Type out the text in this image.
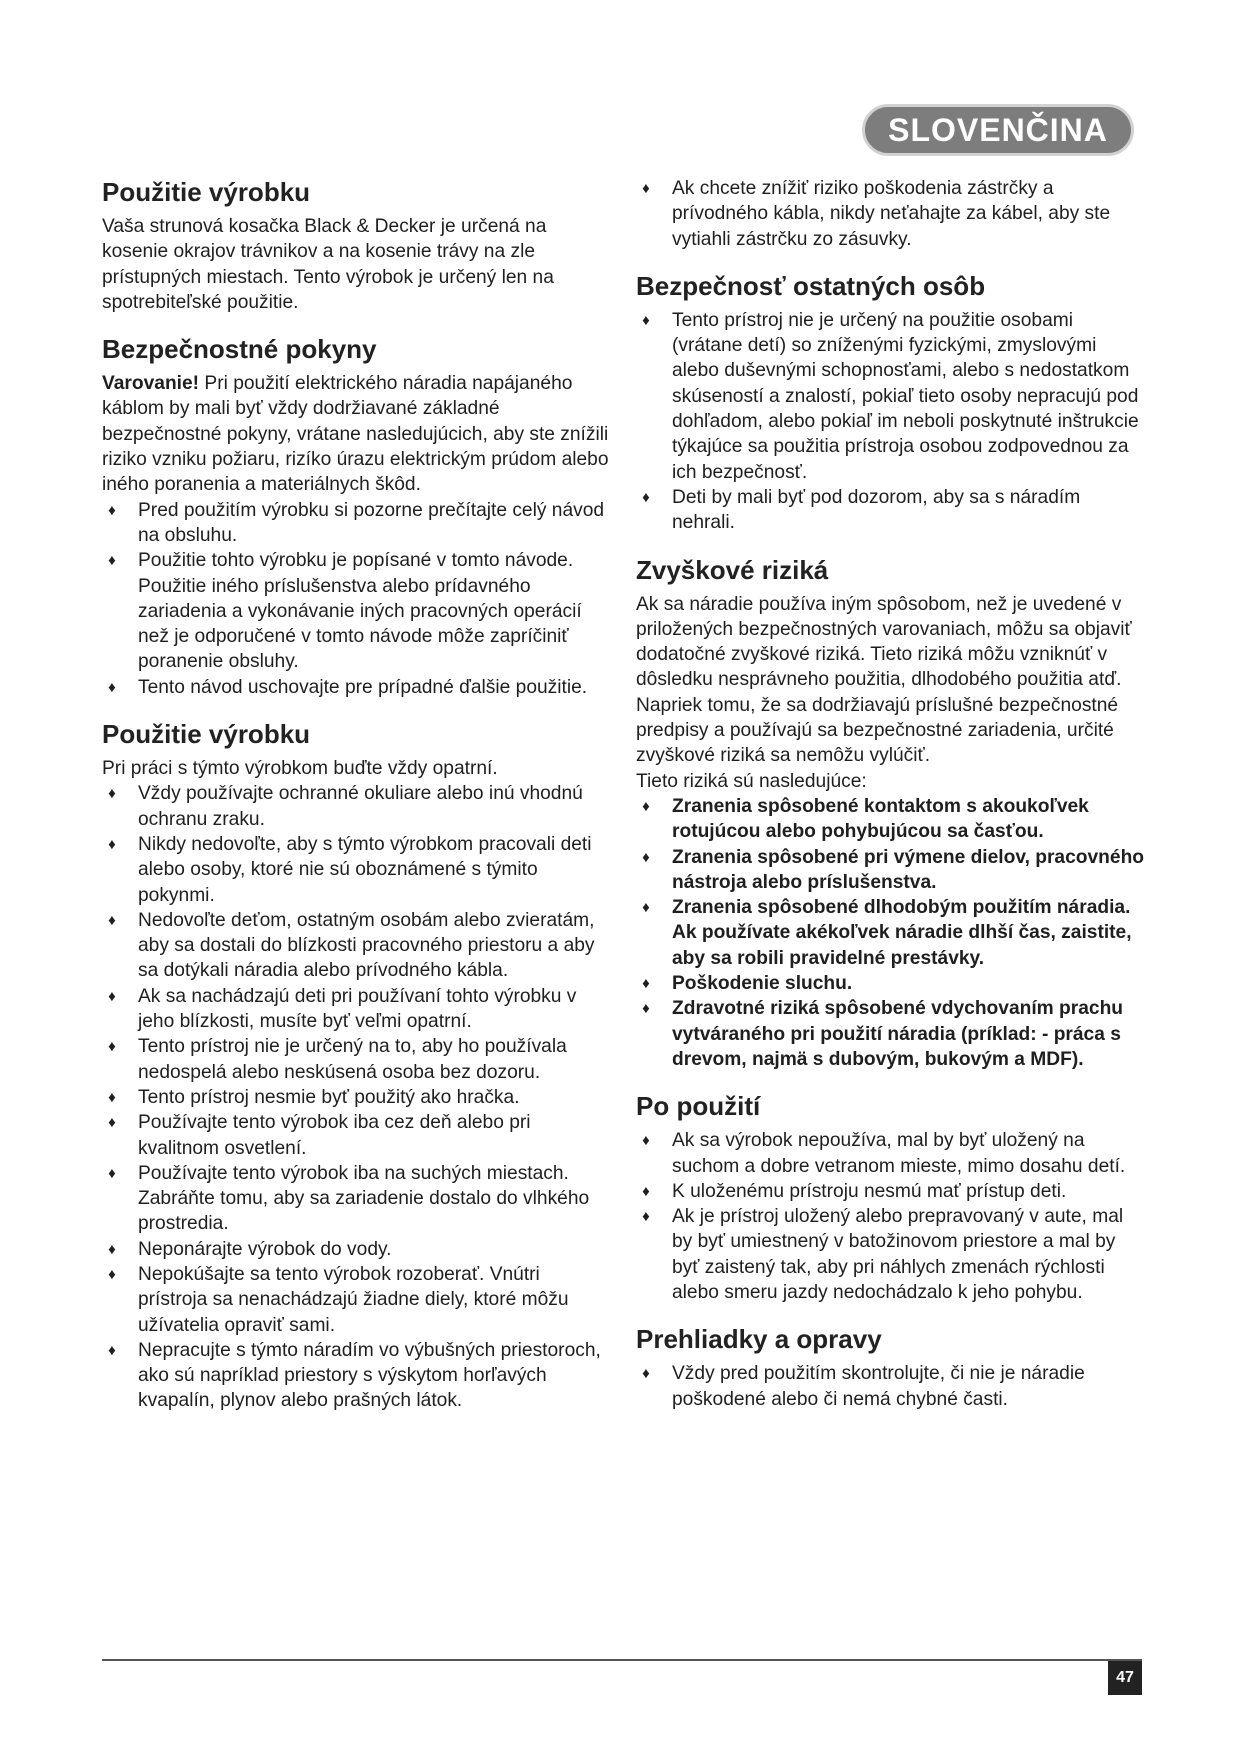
SLOVENČINA
Použitie výrobku

Vaša strunová kosačka Black & Decker je určená na kosenie okrajov trávnikov a na kosenie trávy na zle prístupných miestach. Tento výrobok je určený len na spotrebiteľské použitie.

Bezpečnostné pokyny

Varovanie! Pri použití elektrického náradia napájaného káblom by mali byť vždy dodržiavané základné bezpečnostné pokyny, vrátane nasledujúcich, aby ste znížili riziko vzniku požiaru, rizíko úrazu elektrickým prúdom alebo iného poranenia a materiálnych škôd.

♦	Pred použitím výrobku si pozorne prečítajte celý návod na obsluhu.
♦	Použitie tohto výrobku je popísané v tomto návode. Použitie iného príslušenstva alebo prídavného zariadenia a vykonávanie iných pracovných operácií než je odporučené v tomto návode môže zapríčiniť poranenie obsluhy.
♦	Tento návod uschovajte pre prípadné ďalšie použitie.
Použitie výrobku

Pri práci s týmto výrobkom buďte vždy opatrní.

♦	Vždy používajte ochranné okuliare alebo inú vhodnú ochranu zraku.
♦	Nikdy nedovoľte, aby s týmto výrobkom pracovali deti alebo osoby, ktoré nie sú oboznámené s týmito pokynmi.
♦	Nedovoľte deťom, ostatným osobám alebo zvieratám, aby sa dostali do blízkosti pracovného priestoru a aby sa dotýkali náradia alebo prívodného kábla.
♦	Ak sa nachádzajú deti pri používaní tohto výrobku v jeho blízkosti, musíte byť veľmi opatrní.
♦	Tento prístroj nie je určený na to, aby ho používala nedospelá alebo neskúsená osoba bez dozoru.
♦	Tento prístroj nesmie byť použitý ako hračka.
♦	Používajte tento výrobok iba cez deň alebo pri kvalitnom osvetlení.
♦	Používajte tento výrobok iba na suchých miestach. Zabráňte tomu, aby sa zariadenie dostalo do vlhkého prostredia.
♦	Neponárajte výrobok do vody.
♦	Nepokúšajte sa tento výrobok rozoberať. Vnútri prístroja sa nenachádzajú žiadne diely, ktoré môžu užívatelia opraviť sami.
♦	Nepracujte s týmto náradím vo výbušných priestoroch, ako sú napríklad priestory s výskytom horľavých kvapalín, plynov alebo prašných látok.
♦	Ak chcete znížiť riziko poškodenia zástrčky a prívodného kábla, nikdy neťahajte za kábel, aby ste vytiahli zástrčku zo zásuvky.
Bezpečnosť ostatných osôb
♦	Tento prístroj nie je určený na použitie osobami (vrátane detí) so zníženými fyzickými, zmyslovými alebo duševnými schopnosťami, alebo s nedostatkom skúseností a znalostí, pokiaľ tieto osoby nepracujú pod dohľadom, alebo pokiaľ im neboli poskytnuté inštrukcie týkajúce sa použitia prístroja osobou zodpovednou za ich bezpečnosť.
♦	Deti by mali byť pod dozorom, aby sa s náradím nehrali.
Zvyškové riziká

Ak sa náradie používa iným spôsobom, než je uvedené v priložených bezpečnostných varovaniach, môžu sa objaviť dodatočné zvyškové riziká. Tieto riziká môžu vzniknúť v dôsledku nesprávneho použitia, dlhodobého použitia atď.

Napriek tomu, že sa dodržiavajú príslušné bezpečnostné predpisy a používajú sa bezpečnostné zariadenia, určité zvyškové riziká sa nemôžu vylúčiť.

Tieto riziká sú nasledujúce:

♦	Zranenia spôsobené kontaktom s akoukoľvek rotujúcou alebo pohybujúcou sa časťou.
♦	Zranenia spôsobené pri výmene dielov, pracovného nástroja alebo príslušenstva.
♦	Zranenia spôsobené dlhodobým použitím náradia. Ak používate akékoľvek náradie dlhší čas, zaistite, aby sa robili pravidelné prestávky.
♦	Poškodenie sluchu.
♦	Zdravotné riziká spôsobené vdychovaním prachu vytváraného pri použití náradia (príklad: - práca s drevom, najmä s dubovým, bukovým a MDF).
Po použití
♦	Ak sa výrobok nepoužíva, mal by byť uložený na suchom a dobre vetranom mieste, mimo dosahu detí.
♦	K uloženému prístroju nesmú mať prístup deti.
♦	Ak je prístroj uložený alebo prepravovaný v aute, mal by byť umiestnený v batožinovom priestore a mal by byť zaistený tak, aby pri náhlych zmenách rýchlosti alebo smeru jazdy nedochádzalo k jeho pohybu.
Prehliadky a opravy
♦	Vždy pred použitím skontrolujte, či nie je náradie poškodené alebo či nemá chybné časti.
47
